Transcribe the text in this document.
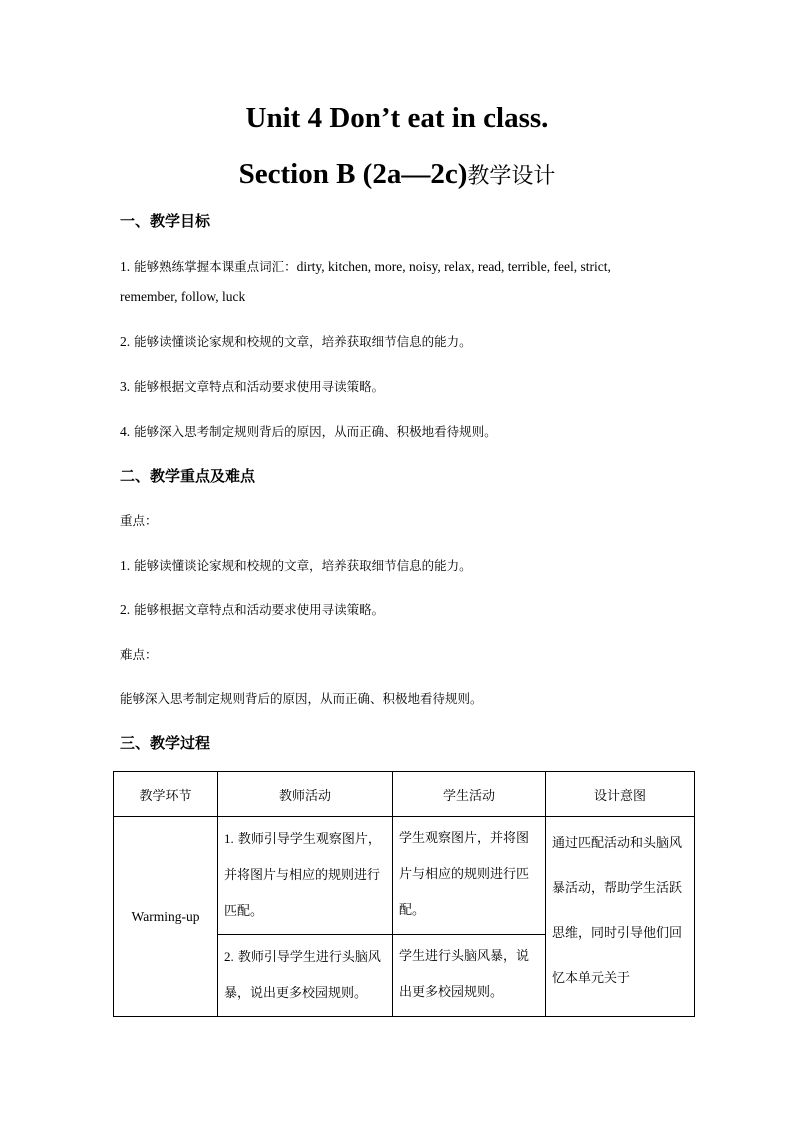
Unit 4 Don’t eat in class.
Section B (2a—2c)教学设计
一、教学目标
1. 能够熟练掌握本课重点词汇：dirty, kitchen, more, noisy, relax, read, terrible, feel, strict,
remember, follow, luck
2. 能够读懂谈论家规和校规的文章，培养获取细节信息的能力。
3. 能够根据文章特点和活动要求使用寻读策略。
4. 能够深入思考制定规则背后的原因，从而正确、积极地看待规则。
二、教学重点及难点
重点：
1. 能够读懂谈论家规和校规的文章，培养获取细节信息的能力。
2. 能够根据文章特点和活动要求使用寻读策略。
难点：
能够深入思考制定规则背后的原因，从而正确、积极地看待规则。
三、教学过程
教学环节	教师活动	学生活动	设计意图
Warming-up	1. 教师引导学生观察图片，并将图片与相应的规则进行匹配。	学生观察图片，并将图片与相应的规则进行匹配。	通过匹配活动和头脑风暴活动，帮助学生活跃思维，同时引导他们回忆本单元关于

	2. 教师引导学生进行头脑风暴，说出更多校园规则。	学生进行头脑风暴，说出更多校园规则。	
